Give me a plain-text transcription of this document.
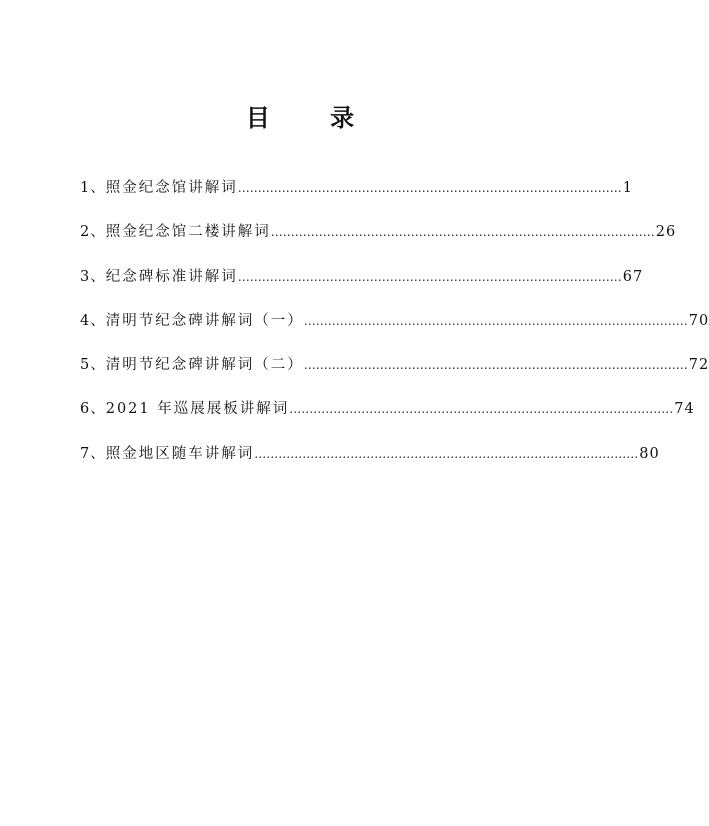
目 录
1、 照金纪念馆讲解词 …………………………………………………………………………………… 1
2、 照金纪念馆二楼讲解词 …………………………………………………………………………………… 26
3、 纪念碑标准讲解词 …………………………………………………………………………………… 67
4、 清明节纪念碑讲解词（一） …………………………………………………………………………………… 70
5、 清明节纪念碑讲解词（二） …………………………………………………………………………………… 72
6、 2021 年巡展展板讲解词 …………………………………………………………………………………… 74
7、 照金地区随车讲解词 …………………………………………………………………………………… 80
